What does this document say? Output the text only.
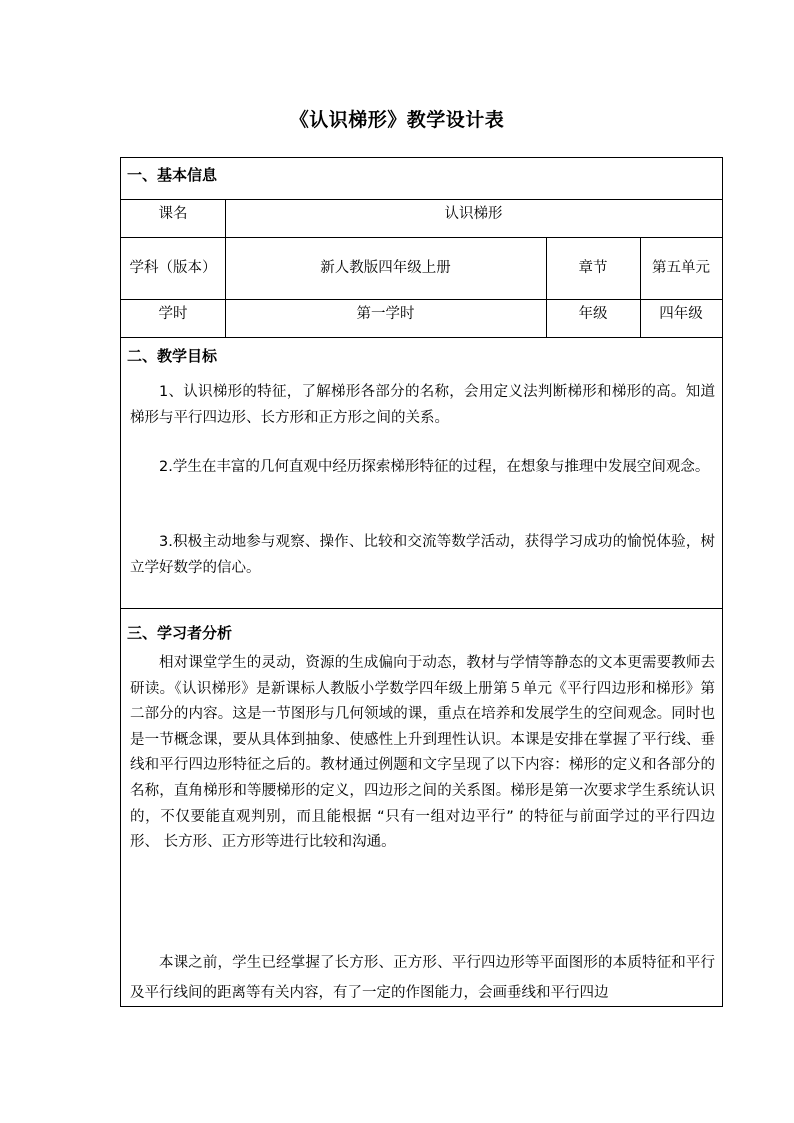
《认识梯形》教学设计表
一、基本信息
课名	认识梯形
学科（版本）	新人教版四年级上册	章节	第五单元
学时	第一学时	年级	四年级
二、教学目标

1、认识梯形的特征，了解梯形各部分的名称，会用定义法判断梯形和梯形的高。知道梯形与平行四边形、长方形和正方形之间的关系。

2.学生在丰富的几何直观中经历探索梯形特征的过程，在想象与推理中发展空间观念。

3.积极主动地参与观察、操作、比较和交流等数学活动，获得学习成功的愉悦体验，树立学好数学的信心。

三、学习者分析

相对课堂学生的灵动，资源的生成偏向于动态，教材与学情等静态的文本更需要教师去研读。《认识梯形》是新课标人教版小学数学四年级上册第５单元《平行四边形和梯形》第二部分的内容。这是一节图形与几何领域的课，重点在培养和发展学生的空间观念。同时也是一节概念课，要从具体到抽象、使感性上升到理性认识。本课是安排在掌握了平行线、垂线和平行四边形特征之后的。教材通过例题和文字呈现了以下内容：梯形的定义和各部分的名称，直角梯形和等腰梯形的定义，四边形之间的关系图。梯形是第一次要求学生系统认识的，不仅要能直观判别，而且能根据 “只有一组对边平行” 的特征与前面学过的平行四边形、 长方形、正方形等进行比较和沟通。

本课之前，学生已经掌握了长方形、正方形、平行四边形等平面图形的本质特征和平行及平行线间的距离等有关内容，有了一定的作图能力，会画垂线和平行四边
